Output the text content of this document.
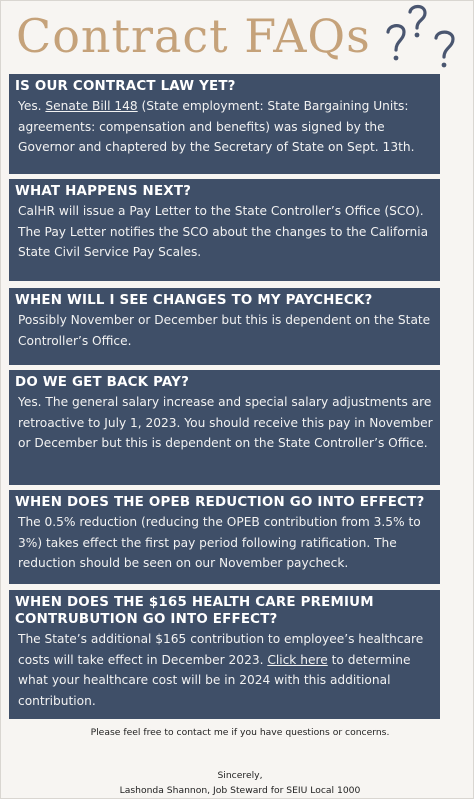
Contract FAQs
IS OUR CONTRACT LAW YET?
Yes. Senate Bill 148 (State employment: State Bargaining Units: agreements: compensation and benefits) was signed by the Governor and chaptered by the Secretary of State on Sept. 13th.
WHAT HAPPENS NEXT?
CalHR will issue a Pay Letter to the State Controller’s Office (SCO). The Pay Letter notifies the SCO about the changes to the California State Civil Service Pay Scales.
WHEN WILL I SEE CHANGES TO MY PAYCHECK?
Possibly November or December but this is dependent on the State Controller’s Office.
DO WE GET BACK PAY?
Yes. The general salary increase and special salary adjustments are retroactive to July 1, 2023. You should receive this pay in November or December but this is dependent on the State Controller’s Office.
WHEN DOES THE OPEB REDUCTION GO INTO EFFECT?
The 0.5% reduction (reducing the OPEB contribution from 3.5% to 3%) takes effect the first pay period following ratification. The reduction should be seen on our November paycheck.
WHEN DOES THE $165 HEALTH CARE PREMIUM CONTRUBUTION GO INTO EFFECT?
The State’s additional $165 contribution to employee’s healthcare costs will take effect in December 2023. Click here to determine what your healthcare cost will be in 2024 with this additional contribution.
Please feel free to contact me if you have questions or concerns.
Sincerely,
Lashonda Shannon, Job Steward for SEIU Local 1000
